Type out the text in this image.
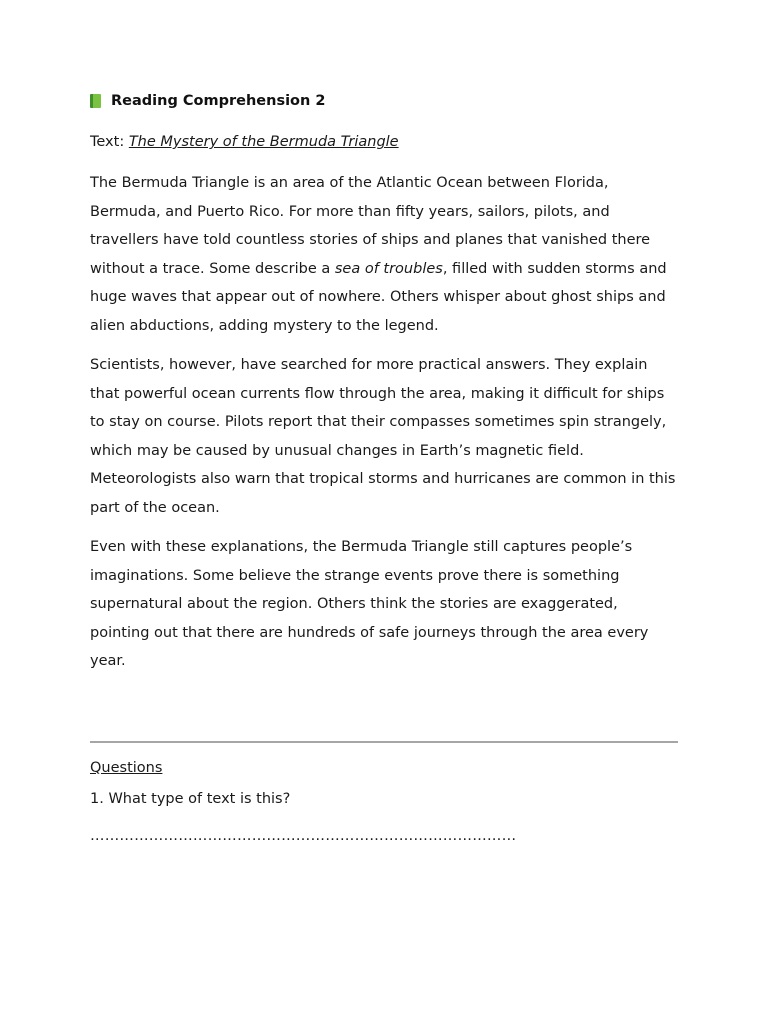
Reading Comprehension 2
Text: The Mystery of the Bermuda Triangle

The Bermuda Triangle is an area of the Atlantic Ocean between Florida, Bermuda, and Puerto Rico. For more than fifty years, sailors, pilots, and travellers have told countless stories of ships and planes that vanished there without a trace. Some describe a sea of troubles, filled with sudden storms and huge waves that appear out of nowhere. Others whisper about ghost ships and alien abductions, adding mystery to the legend.

Scientists, however, have searched for more practical answers. They explain that powerful ocean currents flow through the area, making it difficult for ships to stay on course. Pilots report that their compasses sometimes spin strangely, which may be caused by unusual changes in Earth’s magnetic field. Meteorologists also warn that tropical storms and hurricanes are common in this part of the ocean.

Even with these explanations, the Bermuda Triangle still captures people’s imaginations. Some believe the strange events prove there is something supernatural about the region. Others think the stories are exaggerated, pointing out that there are hundreds of safe journeys through the area every year.

Questions
1. What type of text is this?
……………………………………………………………………………
